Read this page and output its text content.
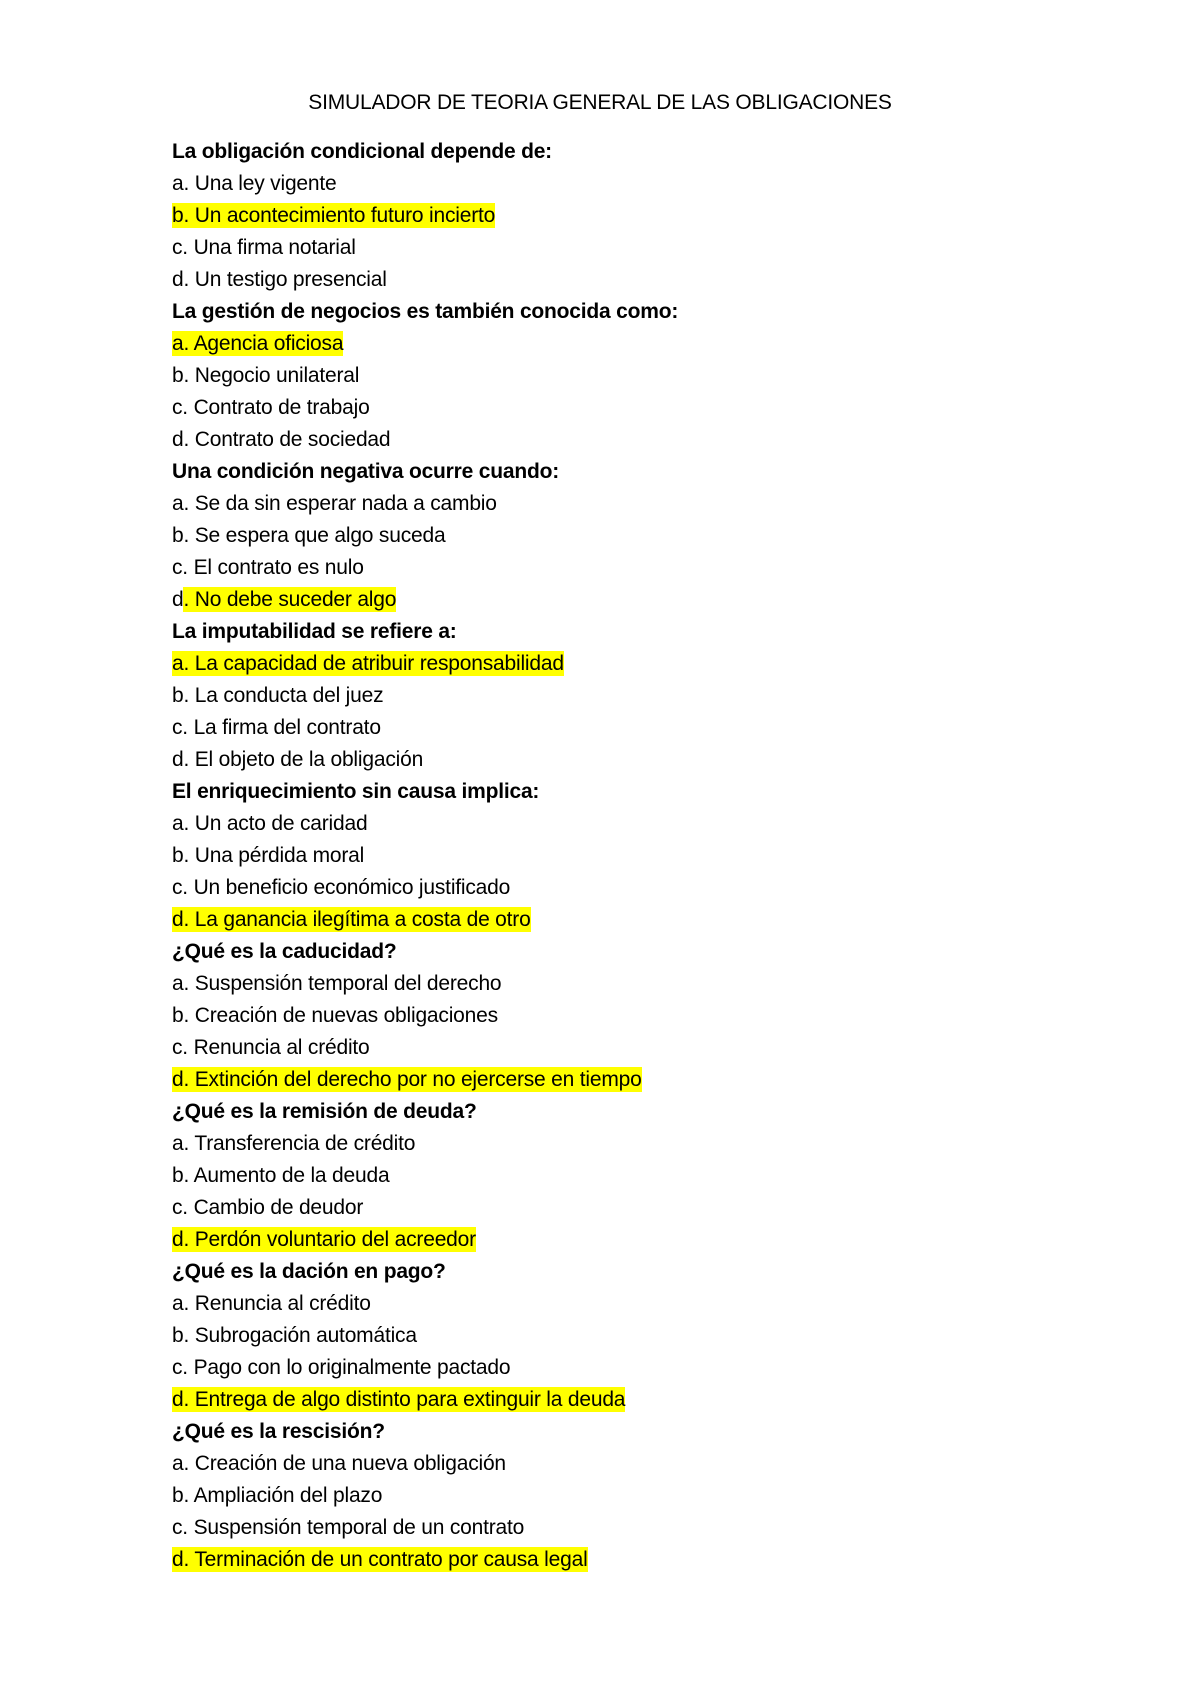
SIMULADOR DE TEORIA GENERAL DE LAS OBLIGACIONES
La obligación condicional depende de:
a. Una ley vigente
b. Un acontecimiento futuro incierto
c. Una firma notarial
d. Un testigo presencial
La gestión de negocios es también conocida como:
a. Agencia oficiosa
b. Negocio unilateral
c. Contrato de trabajo
d. Contrato de sociedad
Una condición negativa ocurre cuando:
a. Se da sin esperar nada a cambio
b. Se espera que algo suceda
c. El contrato es nulo
d. No debe suceder algo
La imputabilidad se refiere a:
a. La capacidad de atribuir responsabilidad
b. La conducta del juez
c. La firma del contrato
d. El objeto de la obligación
El enriquecimiento sin causa implica:
a. Un acto de caridad
b. Una pérdida moral
c. Un beneficio económico justificado
d. La ganancia ilegítima a costa de otro
¿Qué es la caducidad?
a. Suspensión temporal del derecho
b. Creación de nuevas obligaciones
c. Renuncia al crédito
d. Extinción del derecho por no ejercerse en tiempo
¿Qué es la remisión de deuda?
a. Transferencia de crédito
b. Aumento de la deuda
c. Cambio de deudor
d. Perdón voluntario del acreedor
¿Qué es la dación en pago?
a. Renuncia al crédito
b. Subrogación automática
c. Pago con lo originalmente pactado
d. Entrega de algo distinto para extinguir la deuda
¿Qué es la rescisión?
a. Creación de una nueva obligación
b. Ampliación del plazo
c. Suspensión temporal de un contrato
d. Terminación de un contrato por causa legal
